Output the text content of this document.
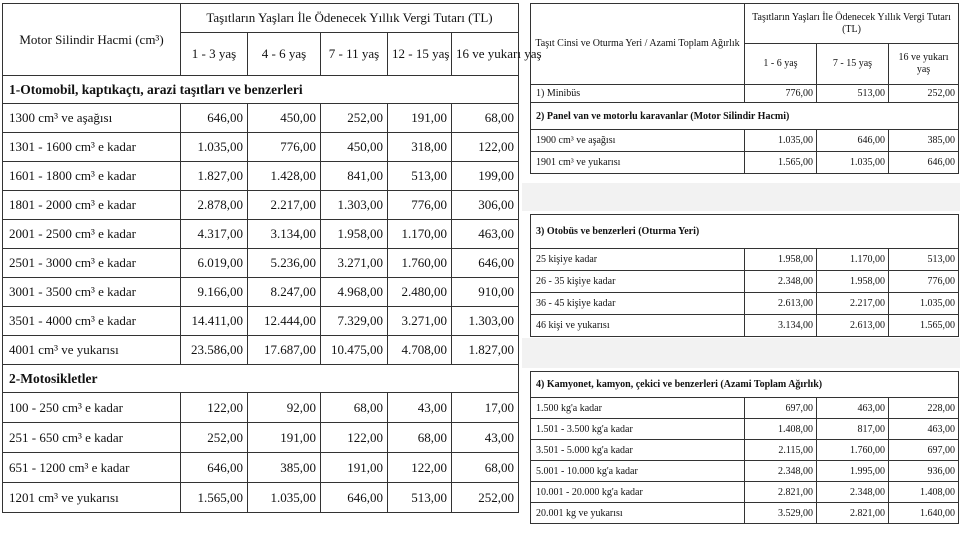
Motor Silindir Hacmi (cm³)	Taşıtların Yaşları İle Ödenecek Yıllık Vergi Tutarı (TL)				
	1 - 3 yaş	4 - 6 yaş	7 - 11 yaş	12 - 15 yaş	16 ve yukarı yaş
1-Otomobil, kaptıkaçtı, arazi taşıtları ve benzerleri					
1300 cm³ ve aşağısı	646,00	450,00	252,00	191,00	68,00
1301 - 1600 cm³ e kadar	1.035,00	776,00	450,00	318,00	122,00
1601 - 1800 cm³ e kadar	1.827,00	1.428,00	841,00	513,00	199,00
1801 - 2000 cm³ e kadar	2.878,00	2.217,00	1.303,00	776,00	306,00
2001 - 2500 cm³ e kadar	4.317,00	3.134,00	1.958,00	1.170,00	463,00
2501 - 3000 cm³ e kadar	6.019,00	5.236,00	3.271,00	1.760,00	646,00
3001 - 3500 cm³ e kadar	9.166,00	8.247,00	4.968,00	2.480,00	910,00
3501 - 4000 cm³ e kadar	14.411,00	12.444,00	7.329,00	3.271,00	1.303,00
4001 cm³ ve yukarısı	23.586,00	17.687,00	10.475,00	4.708,00	1.827,00
2-Motosikletler					
100 - 250 cm³ e kadar	122,00	92,00	68,00	43,00	17,00
251 - 650 cm³ e kadar	252,00	191,00	122,00	68,00	43,00
651 - 1200 cm³ e kadar	646,00	385,00	191,00	122,00	68,00
1201 cm³ ve yukarısı	1.565,00	1.035,00	646,00	513,00	252,00
Taşıt Cinsi ve Oturma Yeri / Azami Toplam Ağırlık	Taşıtların Yaşları İle Ödenecek Yıllık Vergi Tutarı (TL)		
	1 - 6 yaş	7 - 15 yaş	16 ve yukarı yaş
1) Minibüs	776,00	513,00	252,00
2) Panel van ve motorlu karavanlar (Motor Silindir Hacmi)			
1900 cm³ ve aşağısı	1.035,00	646,00	385,00
1901 cm³ ve yukarısı	1.565,00	1.035,00	646,00
3) Otobüs ve benzerleri (Oturma Yeri)			
25 kişiye kadar	1.958,00	1.170,00	513,00
26 - 35 kişiye kadar	2.348,00	1.958,00	776,00
36 - 45 kişiye kadar	2.613,00	2.217,00	1.035,00
46 kişi ve yukarısı	3.134,00	2.613,00	1.565,00
4) Kamyonet, kamyon, çekici ve benzerleri (Azami Toplam Ağırlık)			
1.500 kg'a kadar	697,00	463,00	228,00
1.501 - 3.500 kg'a kadar	1.408,00	817,00	463,00
3.501 - 5.000 kg'a kadar	2.115,00	1.760,00	697,00
5.001 - 10.000 kg'a kadar	2.348,00	1.995,00	936,00
10.001 - 20.000 kg'a kadar	2.821,00	2.348,00	1.408,00
20.001 kg ve yukarısı	3.529,00	2.821,00	1.640,00
